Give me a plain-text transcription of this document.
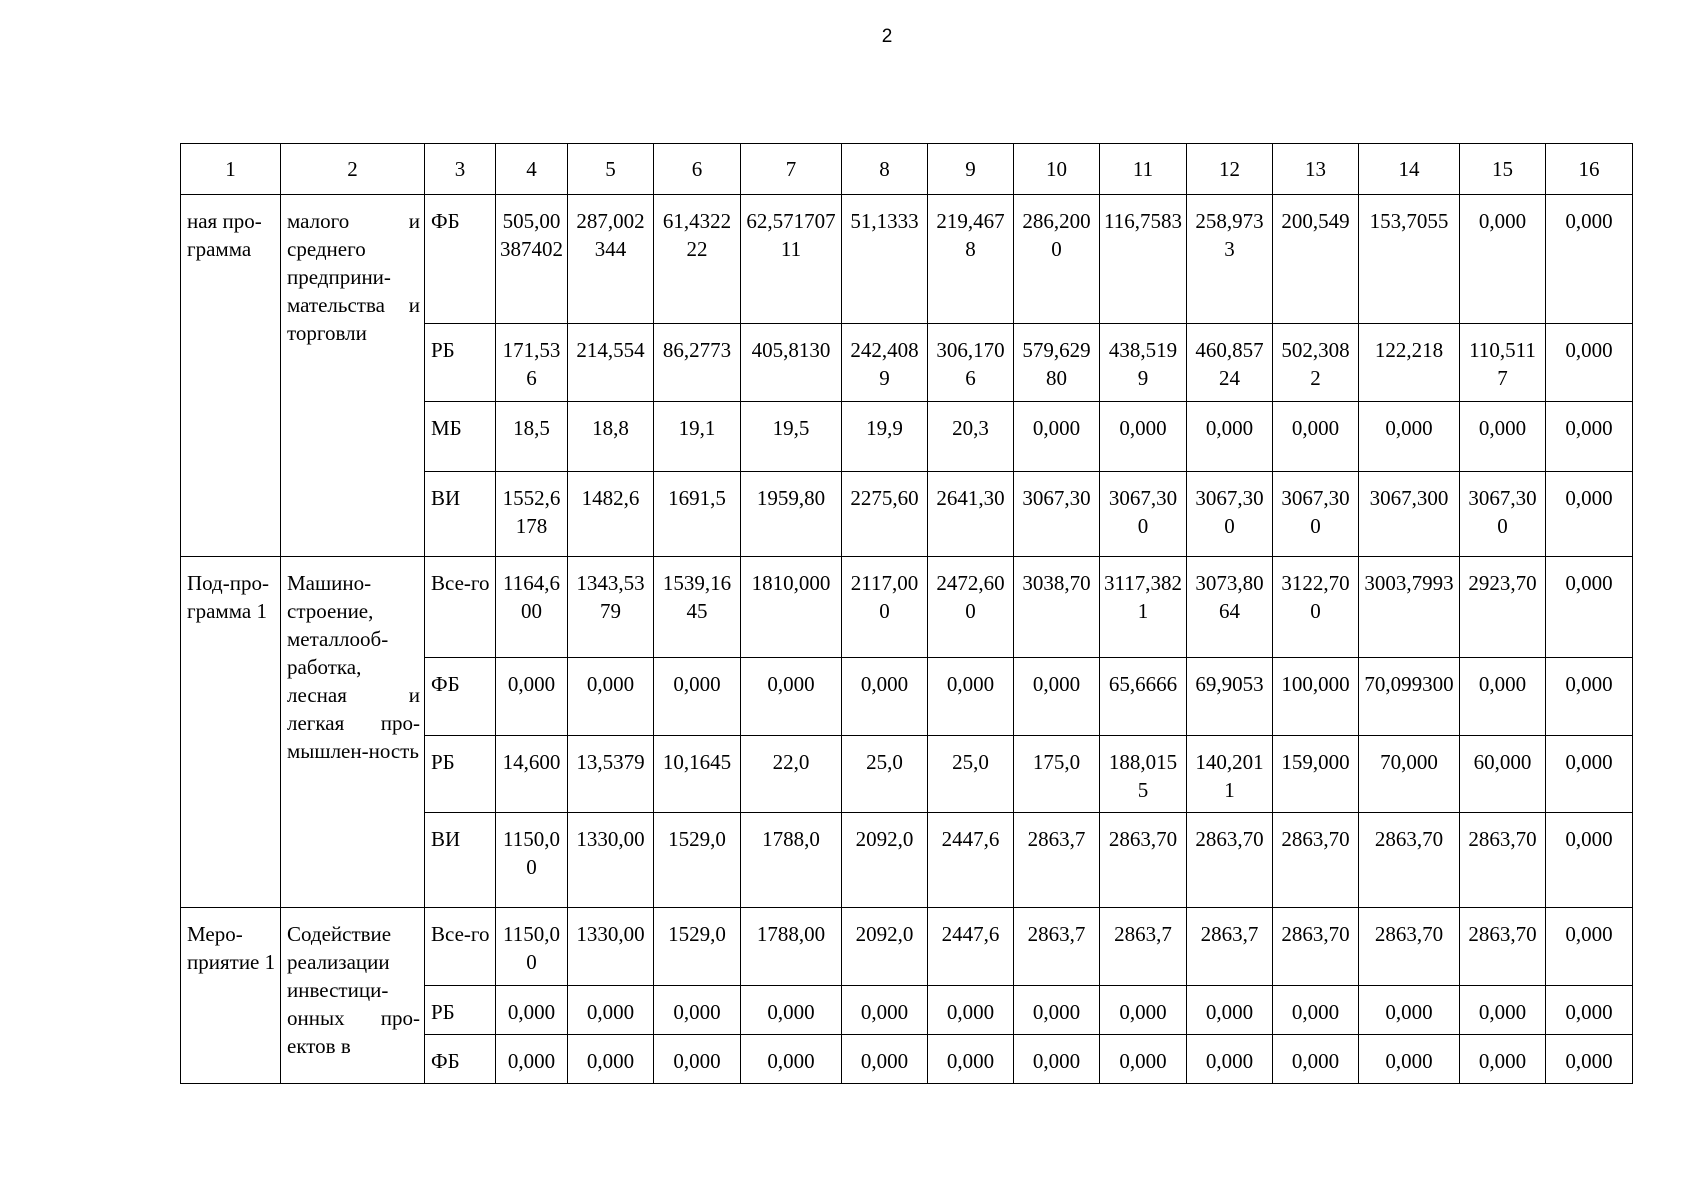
2
1	2	3	4	5	6	7	8	9	10	11	12	13	14	15	16
ная про-грамма	малого и среднего предприни-мательства и торговли	ФБ	505,00387402	287,002344	61,432222	62,57170711	51,1333	219,4678	286,2000	116,7583	258,9733	200,549	153,7055	0,000	0,000
		РБ	171,536	214,554	86,2773	405,8130	242,4089	306,1706	579,62980	438,5199	460,85724	502,3082	122,218	110,5117	0,000
		МБ	18,5	18,8	19,1	19,5	19,9	20,3	0,000	0,000	0,000	0,000	0,000	0,000	0,000
		ВИ	1552,6178	1482,6	1691,5	1959,80	2275,60	2641,30	3067,30	3067,300	3067,300	3067,300	3067,300	3067,300	0,000
Под-про-грамма 1	Машино-строение, металлооб-работка, лесная и легкая про-мышлен-ность	Все-го	1164,600	1343,5379	1539,1645	1810,000	2117,000	2472,600	3038,70	3117,3821	3073,8064	3122,700	3003,7993	2923,70	0,000
		ФБ	0,000	0,000	0,000	0,000	0,000	0,000	0,000	65,6666	69,9053	100,000	70,099300	0,000	0,000
		РБ	14,600	13,5379	10,1645	22,0	25,0	25,0	175,0	188,0155	140,2011	159,000	70,000	60,000	0,000
		ВИ	1150,00	1330,00	1529,0	1788,0	2092,0	2447,6	2863,7	2863,70	2863,70	2863,70	2863,70	2863,70	0,000
Меро-приятие 1	Содействие реализации инвестици-онных про-ектов в	Все-го	1150,00	1330,00	1529,0	1788,00	2092,0	2447,6	2863,7	2863,7	2863,7	2863,70	2863,70	2863,70	0,000
		РБ	0,000	0,000	0,000	0,000	0,000	0,000	0,000	0,000	0,000	0,000	0,000	0,000	0,000
		ФБ	0,000	0,000	0,000	0,000	0,000	0,000	0,000	0,000	0,000	0,000	0,000	0,000	0,000
